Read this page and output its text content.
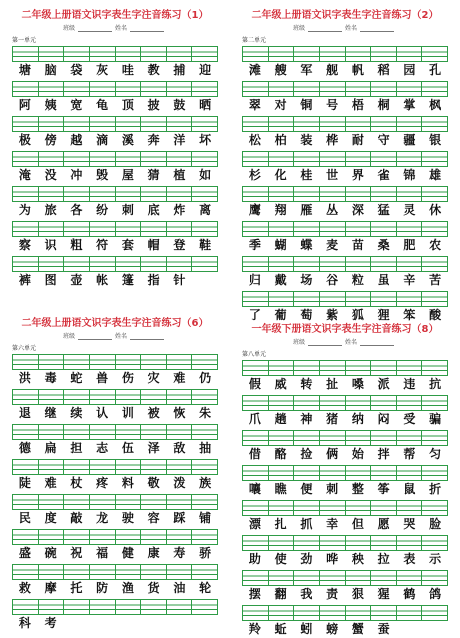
二年级上册语文识字表生字注音练习（1）
班级	姓名
第一单元
塘	脑	袋	灰	哇	教	捕	迎
阿	姨	宽	龟	顶	披	鼓	晒
极	傍	越	滴	溪	奔	洋	坏
淹	没	冲	毁	屋	猜	植	如
为	旅	各	纷	刺	底	炸	离
察	识	粗	符	套	帽	登	鞋
裤	图	壶	帐	篷	指	针
二年级上册语文识字表生字注音练习（2）
班级	姓名
第二单元
滩	艘	军	舰	帆	稻	园	孔
翠	对	铜	号	梧	桐	掌	枫
松	柏	装	桦	耐	守	疆	银
杉	化	桂	世	界	雀	锦	雄
鹰	翔	雁	丛	深	猛	灵	休
季	蝴	蝶	麦	苗	桑	肥	农
归	戴	场	谷	粒	虽	辛	苦
了	葡	萄	紫	狐	狸	笨	酸
二年级上册语文识字表生字注音练习（6）
班级	姓名
第六单元
洪	毒	蛇	兽	伤	灾	难	仍
退	继	续	认	训	被	恢	朱
德	扁	担	志	伍	泽	敌	抽
陡	难	杖	疼	料	敬	泼	族
民	度	敲	龙	驶	容	踩	铺
盛	碗	祝	福	健	康	寿	骄
救	摩	托	防	渔	货	油	轮
科	考
一年级下册语文识字表生字注音练习（8）
班级	姓名
第八单元
假	威	转	扯	嗓	派	违	抗
爪	趟	神	猪	纳	闷	受	骗
借	酪	捡	俩	始	拌	帮	匀
嚷	瞧	便	刺	整	筝	鼠	折
漂	扎	抓	幸	但	愿	哭	脸
助	使	劲	哗	秧	拉	表	示
摆	翻	我	责	狠	猩	鹤	鸽
羚	蚯	蚓	螃	蟹	蚕
